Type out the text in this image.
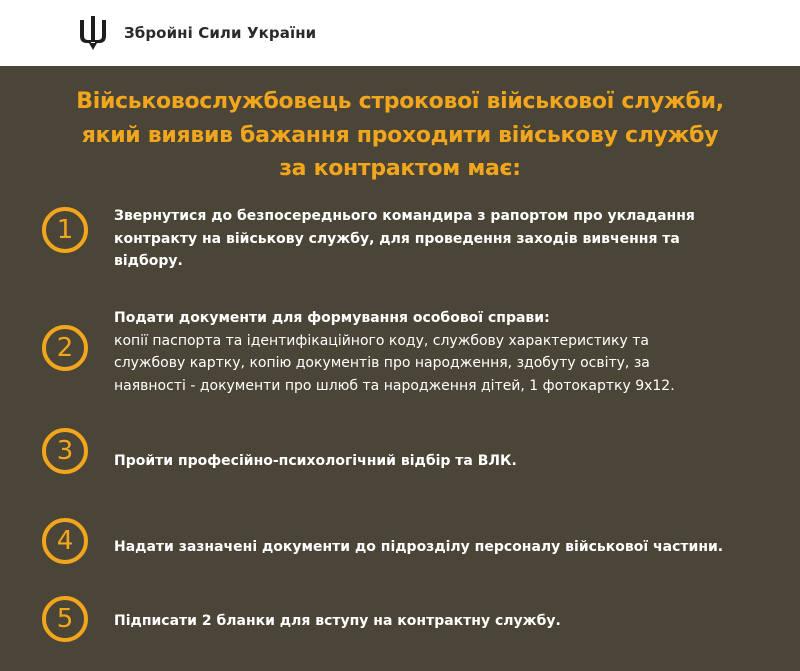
Збройні Сили України
Військовослужбовець строкової військової служби,
який виявив бажання проходити військову службу
за контрактом має:
1	Звернутися до безпосереднього командира з рапортом про укладання
контракту на військову службу, для проведення заходів вивчення та
відбору.
2
Подати документи для формування особової справи:
копії паспорта та ідентифікаційного коду, службову характеристику та
службову картку, копію документів про народження, здобуту освіту, за
наявності - документи про шлюб та народження дітей, 1 фотокартку 9х12.
3	Пройти професійно-психологічний відбір та ВЛК.
4	Надати зазначені документи до підрозділу персоналу військової частини.
5	Підписати 2 бланки для вступу на контрактну службу.
